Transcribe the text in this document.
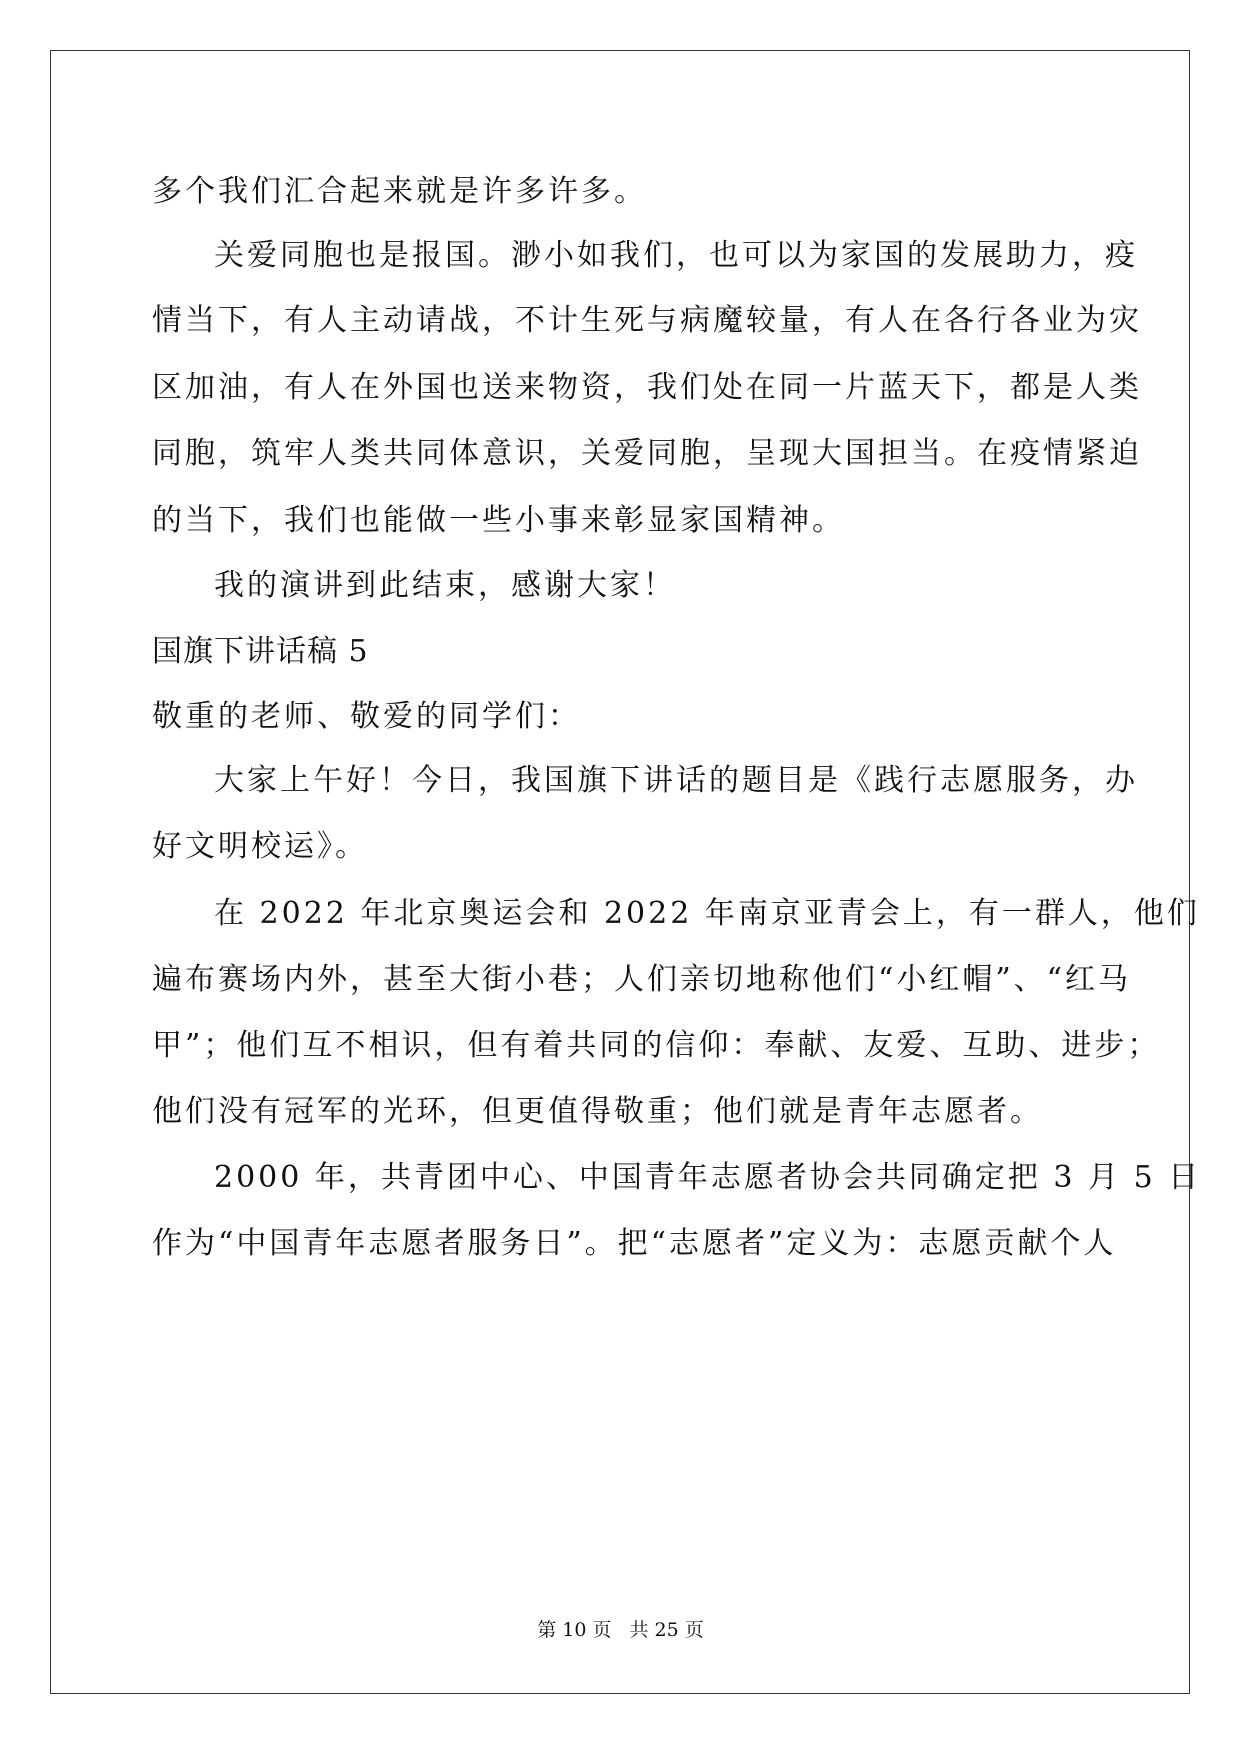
多个我们汇合起来就是许多许多。
关爱同胞也是报国。渺小如我们，也可以为家国的发展助力，疫
情当下，有人主动请战，不计生死与病魔较量，有人在各行各业为灾
区加油，有人在外国也送来物资，我们处在同一片蓝天下，都是人类
同胞，筑牢人类共同体意识，关爱同胞，呈现大国担当。在疫情紧迫
的当下，我们也能做一些小事来彰显家国精神。
我的演讲到此结束，感谢大家！
国旗下讲话稿 5
敬重的老师、敬爱的同学们：
大家上午好！今日，我国旗下讲话的题目是《践行志愿服务，办
好文明校运》。
在 2022 年北京奥运会和 2022 年南京亚青会上，有一群人，他们
遍布赛场内外，甚至大街小巷；人们亲切地称他们“小红帽”、“红马
甲”；他们互不相识，但有着共同的信仰：奉献、友爱、互助、进步；
他们没有冠军的光环，但更值得敬重；他们就是青年志愿者。
2000 年，共青团中心、中国青年志愿者协会共同确定把 3 月 5 日
作为“中国青年志愿者服务日”。把“志愿者”定义为：志愿贡献个人
第 10 页 共 25 页
